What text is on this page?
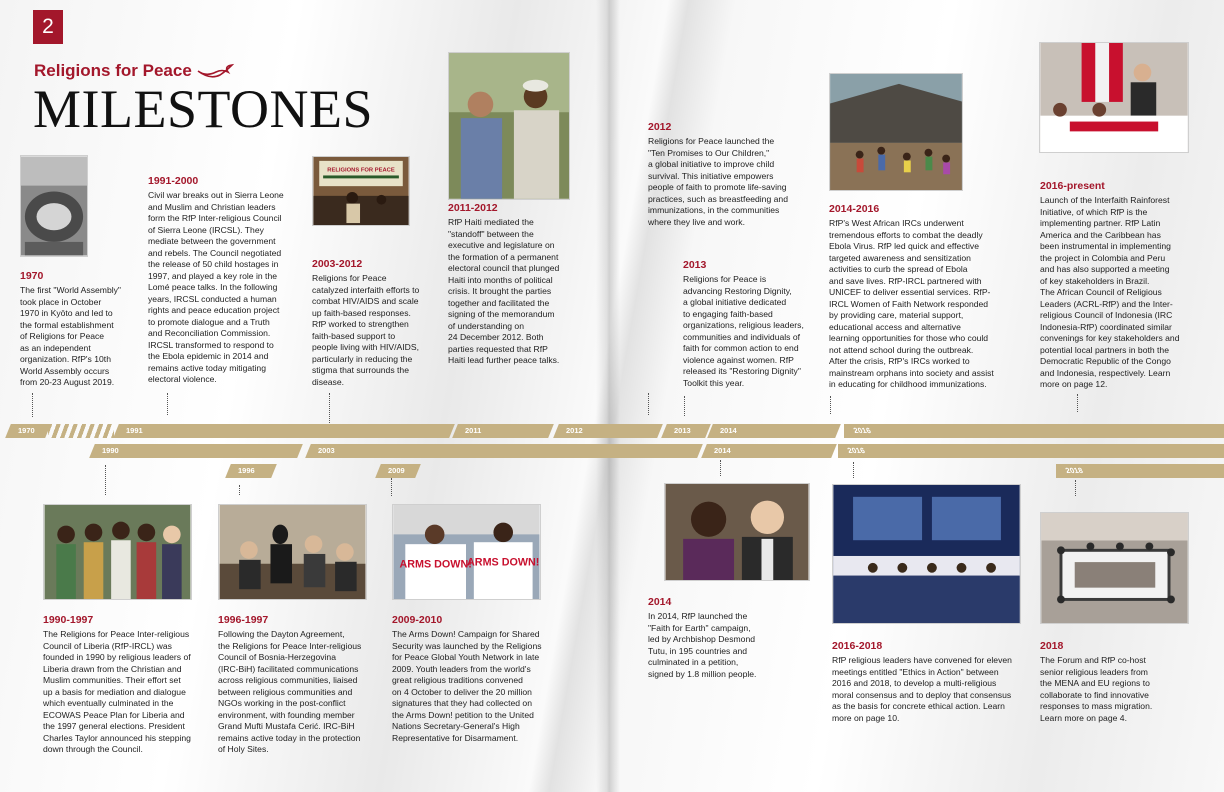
2
Religions for Peace
MILESTONES
RELIGIONS FOR PEACE
ARMS DOWN!
ARMS DOWN!
1970

The first "World Assembly"
took place in October
1970 in Kyōto and led to
the formal establishment
of Religions for Peace
as an independent
organization. RfP's 10th
World Assembly occurs
from 20-23 August 2019.

1991-2000

Civil war breaks out in Sierra Leone
and Muslim and Christian leaders
form the RfP Inter-religious Council
of Sierra Leone (IRCSL). They
mediate between the government
and rebels. The Council negotiated
the release of 50 child hostages in
1997, and played a key role in the
Lomé peace talks. In the following
years, IRCSL conducted a human
rights and peace education project
to promote dialogue and a Truth
and Reconciliation Commission.
IRCSL transformed to respond to
the Ebola epidemic in 2014 and
remains active today mitigating
electoral violence.

2003-2012

Religions for Peace
catalyzed interfaith efforts to
combat HIV/AIDS and scale
up faith-based responses.
RfP worked to strengthen
faith-based support to
people living with HIV/AIDS,
particularly in reducing the
stigma that surrounds the
disease.

2011-2012

RfP Haiti mediated the
"standoff" between the
executive and legislature on
the formation of a permanent
electoral council that plunged
Haiti into months of political
crisis. It brought the parties
together and facilitated the
signing of the memorandum
of understanding on
24 December 2012. Both
parties requested that RfP
Haiti lead further peace talks.

2012

Religions for Peace launched the
"Ten Promises to Our Children,"
a global initiative to improve child
survival. This initiative empowers
people of faith to promote life-saving
practices, such as breastfeeding and
immunizations, in the communities
where they live and work.

2013

Religions for Peace is
advancing Restoring Dignity,
a global initiative dedicated
to engaging faith-based
organizations, religious leaders,
communities and individuals of
faith for common action to end
violence against women. RfP
released its "Restoring Dignity"
Toolkit this year.

2014-2016

RfP's West African IRCs underwent
tremendous efforts to combat the deadly
Ebola Virus. RfP led quick and effective
targeted awareness and sensitization
activities to curb the spread of Ebola
and save lives. RfP-IRCL partnered with
UNICEF to deliver essential services. RfP-
IRCL Women of Faith Network responded
by providing care, material support,
educational access and alternative
learning opportunities for those who could
not attend school during the outbreak.
After the crisis, RfP's IRCs worked to
mainstream orphans into society and assist
in educating for childhood immunizations.

2016-present

Launch of the Interfaith Rainforest
Initiative, of which RfP is the
implementing partner. RfP Latin
America and the Caribbean has
been instrumental in implementing
the project in Colombia and Peru
and has also supported a meeting
of key stakeholders in Brazil.
The African Council of Religious
Leaders (ACRL-RfP) and the Inter-
religious Council of Indonesia (IRC
Indonesia-RfP) coordinated similar
convenings for key stakeholders and
potential local partners in both the
Democratic Republic of the Congo
and Indonesia, respectively. Learn
more on page 12.

1970	1991	2011	2012	2013	2014	2016
1990	2003	2014	2016
1996	2009	2018
1990-1997

The Religions for Peace Inter-religious
Council of Liberia (RfP-IRCL) was
founded in 1990 by religious leaders of
Liberia drawn from the Christian and
Muslim communities. Their effort set
up a basis for mediation and dialogue
which eventually culminated in the
ECOWAS Peace Plan for Liberia and
the 1997 general elections. President
Charles Taylor announced his stepping
down through the Council.

1996-1997

Following the Dayton Agreement,
the Religions for Peace Inter-religious
Council of Bosnia-Herzegovina
(IRC-BiH) facilitated communications
across religious communities, liaised
between religious communities and
NGOs working in the post-conflict
environment, with founding member
Grand Mufti Mustafa Cerić. IRC-BiH
remains active today in the protection
of Holy Sites.

2009-2010

The Arms Down! Campaign for Shared
Security was launched by the Religions
for Peace Global Youth Network in late
2009. Youth leaders from the world's
great religious traditions convened
on 4 October to deliver the 20 million
signatures that they had collected on
the Arms Down! petition to the United
Nations Secretary-General's High
Representative for Disarmament.

2014

In 2014, RfP launched the
"Faith for Earth" campaign,
led by Archbishop Desmond
Tutu, in 195 countries and
culminated in a petition,
signed by 1.8 million people.

2016-2018

RfP religious leaders have convened for eleven
meetings entitled "Ethics in Action" between
2016 and 2018, to develop a multi-religious
moral consensus and to deploy that consensus
as the basis for concrete ethical action. Learn
more on page 10.

2018

The Forum and RfP co-host
senior religious leaders from
the MENA and EU regions to
collaborate to find innovative
responses to mass migration.
Learn more on page 4.
